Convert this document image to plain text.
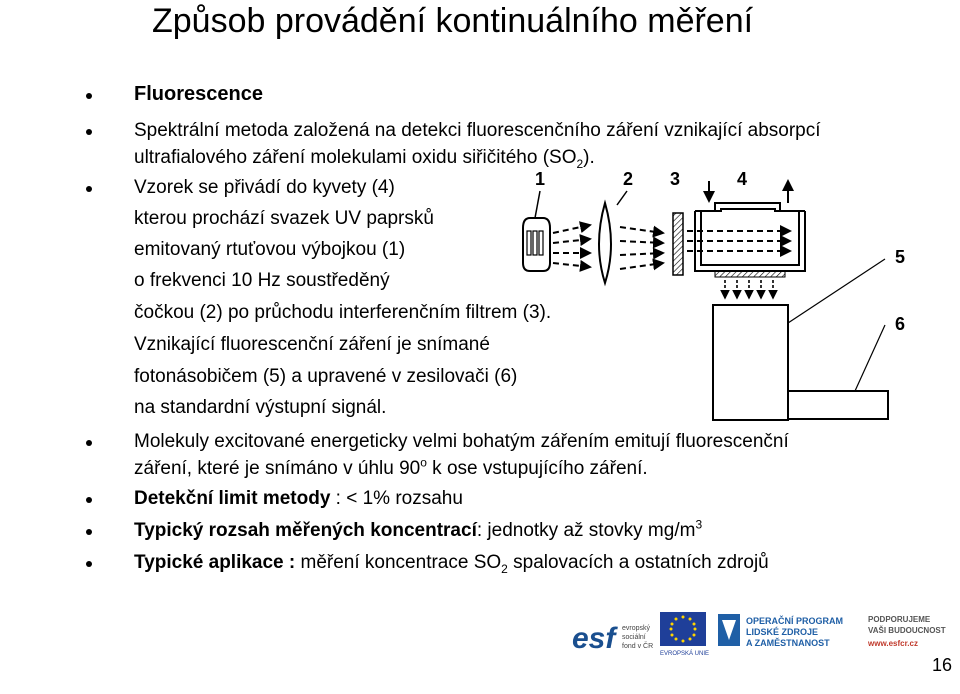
Způsob provádění kontinuálního měření
Fluorescence
Spektrální metoda založená na detekci fluorescenčního záření vznikající absorpcí
ultrafialového záření molekulami oxidu siřičitého $(SO_2)$.
Vzorek se přivádí do kyvety (4)
kterou prochází svazek UV paprsků
emitovaný rtuťovou výbojkou (1)
o frekvenci 10 Hz soustředěný
čočkou (2) po průchodu interferenčním filtrem (3).
Vznikající fluorescenční záření je snímané
fotonásobičem (5) a upravené v zesilovači (6)
na standardní výstupní signál.
Molekuly excitované energeticky velmi bohatým zářením emitují fluorescenční
záření, které je snímáno v úhlu 90$^o$ k ose vstupujícího záření.
Detekční limit metody : < 1% rozsahu
Typický rozsah měřených koncentrací: jednotky až stovky $mg/m^3$
Typické aplikace : měření koncentrace $SO_2$ spalovacích a ostatních zdrojů
1	2 3	4
5
6
esf evropský
sociální
fond v ČR
EVROPSKÁ UNIE
OPERAČNÍ PROGRAM
LIDSKÉ ZDROJE
A ZAMĚSTNANOST
PODPORUJEME
VAŠI BUDOUCNOST
www.esfcr.cz
16
